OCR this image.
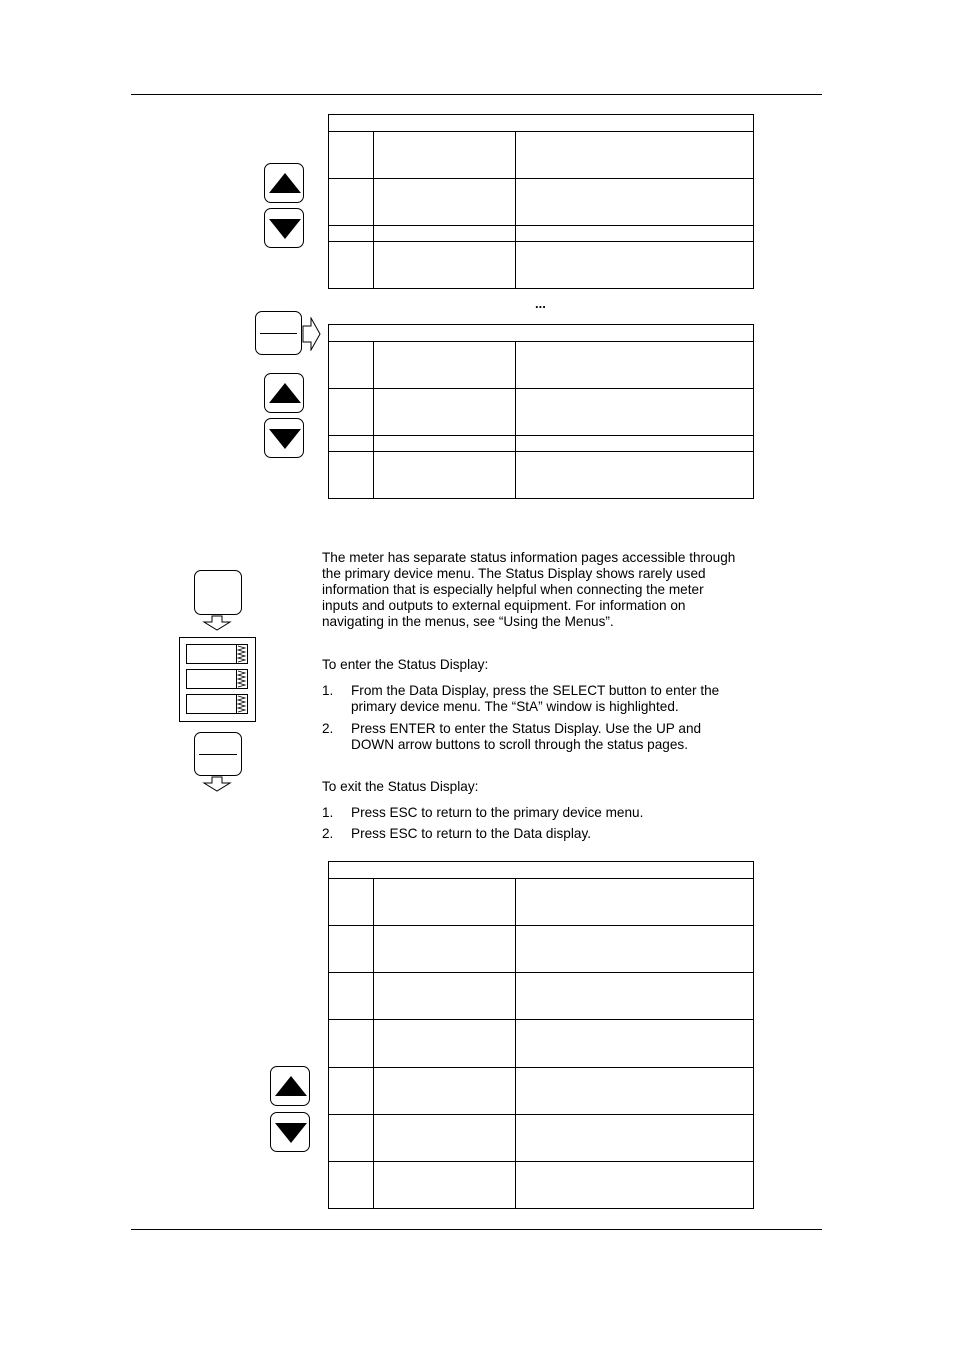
...
The meter has separate status information pages accessible through the primary device menu. The Status Display shows rarely used information that is especially helpful when connecting the meter inputs and outputs to external equipment. For information on navigating in the menus, see “Using the Menus”.
To enter the Status Display:
1. From the Data Display, press the SELECT button to enter the primary device menu. The “StA” window is highlighted.
2. Press ENTER to enter the Status Display. Use the UP and DOWN arrow buttons to scroll through the status pages.
To exit the Status Display:
1. Press ESC to return to the primary device menu.
2. Press ESC to return to the Data display.
